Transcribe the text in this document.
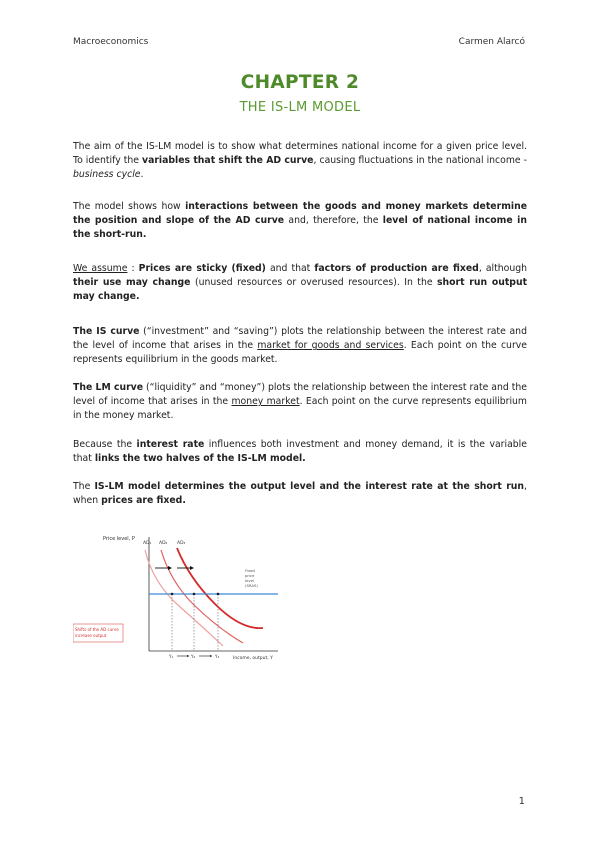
Macroeconomics	Carmen Alarcó
CHAPTER 2
THE IS-LM MODEL
The aim of the IS-LM model is to show what determines national income for a given price level. To identify the variables that shift the AD curve, causing fluctuations in the national income - business cycle.
The model shows how interactions between the goods and money markets determine the position and slope of the AD curve and, therefore, the level of national income in the short-run.
We assume : Prices are sticky (fixed) and that factors of production are fixed, although their use may change (unused resources or overused resources). In the short run output may change.
The IS curve (“investment” and “saving”) plots the relationship between the interest rate and the level of income that arises in the market for goods and services. Each point on the curve represents equilibrium in the goods market.
The LM curve (“liquidity” and “money”) plots the relationship between the interest rate and the level of income that arises in the money market. Each point on the curve represents equilibrium in the money market.
Because the interest rate influences both investment and money demand, it is the variable that links the two halves of the IS-LM model.
The IS-LM model determines the output level and the interest rate at the short run, when prices are fixed.
Price level, P
Income, output, Y
AD₁ AD₂ AD₃
Fixed
price
level
(SRAS)
Y₁	Y₂	Y₃
Shifts of the AD curve
increase output
1
